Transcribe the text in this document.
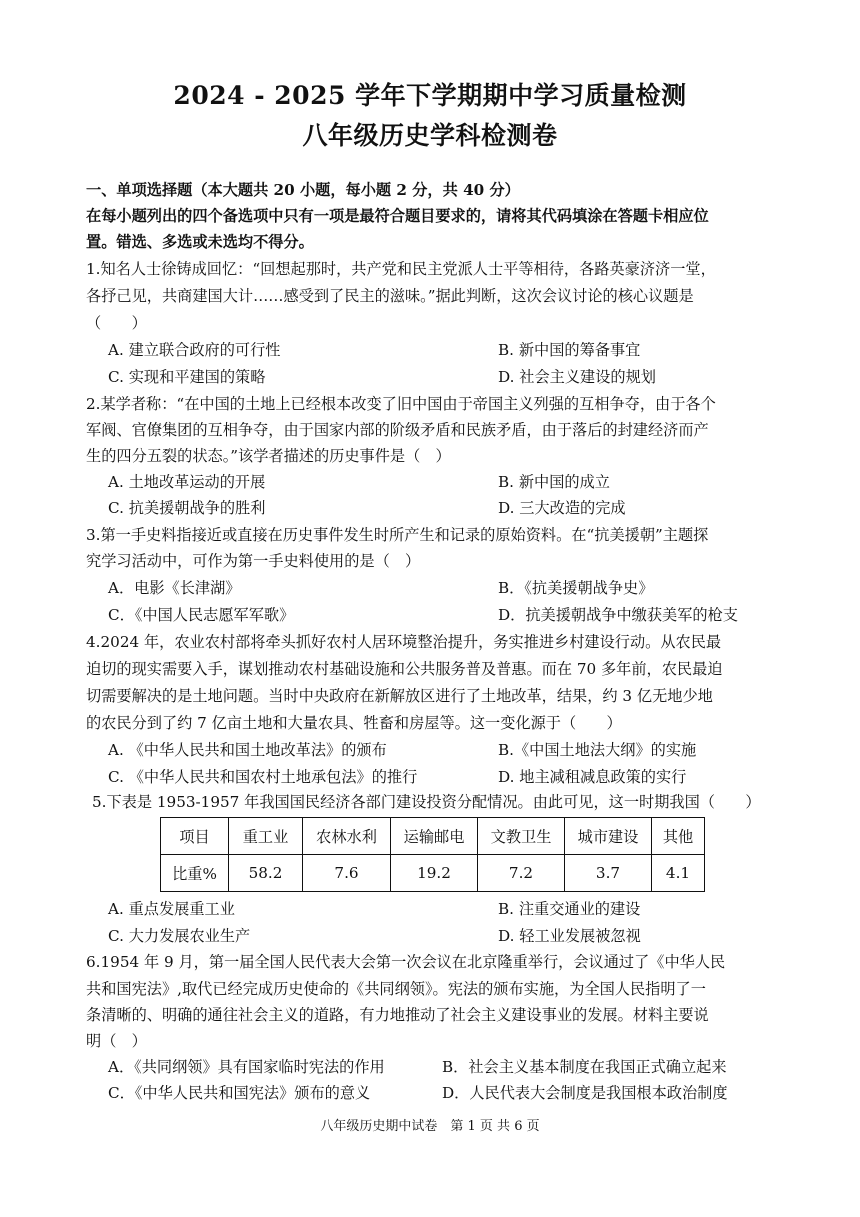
2024 - 2025 学年下学期期中学习质量检测
八年级历史学科检测卷
一、单项选择题（本大题共 20 小题，每小题 2 分，共 40 分）
在每小题列出的四个备选项中只有一项是最符合题目要求的，请将其代码填涂在答题卡相应位
置。错选、多选或未选均不得分。
1.知名人士徐铸成回忆：“回想起那时，共产党和民主党派人士平等相待，各路英豪济济一堂，
各抒己见，共商建国大计……感受到了民主的滋味。”据此判断，这次会议讨论的核心议题是
（　　）
A. 建立联合政府的可行性	B. 新中国的筹备事宜
C. 实现和平建国的策略	D. 社会主义建设的规划
2.某学者称：“在中国的土地上已经根本改变了旧中国由于帝国主义列强的互相争夺，由于各个
军阀、官僚集团的互相争夺，由于国家内部的阶级矛盾和民族矛盾，由于落后的封建经济而产
生的四分五裂的状态。”该学者描述的历史事件是（　）
A. 土地改革运动的开展	B. 新中国的成立
C. 抗美援朝战争的胜利	D. 三大改造的完成
3.第一手史料指接近或直接在历史事件发生时所产生和记录的原始资料。在“抗美援朝”主题探
究学习活动中，可作为第一手史料使用的是（　）
A．电影《长津湖》	B．《抗美援朝战争史》
C．《中国人民志愿军军歌》	D．抗美援朝战争中缴获美军的枪支
4.2024 年，农业农村部将牵头抓好农村人居环境整治提升，务实推进乡村建设行动。从农民最
迫切的现实需要入手，谋划推动农村基础设施和公共服务普及普惠。而在 70 多年前，农民最迫
切需要解决的是土地问题。当时中央政府在新解放区进行了土地改革，结果，约 3 亿无地少地
的农民分到了约 7 亿亩土地和大量农具、牲畜和房屋等。这一变化源于（　　）
A. 《中华人民共和国土地改革法》的颁布	B.《中国土地法大纲》的实施
C. 《中华人民共和国农村土地承包法》的推行	D. 地主减租减息政策的实行
5.下表是 1953-1957 年我国国民经济各部门建设投资分配情况。由此可见，这一时期我国（　　）
项目	重工业	农林水利	运输邮电	文教卫生	城市建设	其他
比重%	58.2	7.6	19.2	7.2	3.7	4.1
A. 重点发展重工业	B. 注重交通业的建设
C. 大力发展农业生产	D. 轻工业发展被忽视
6.1954 年 9 月，第一届全国人民代表大会第一次会议在北京隆重举行，会议通过了《中华人民
共和国宪法》,取代已经完成历史使命的《共同纲领》。宪法的颁布实施，为全国人民指明了一
条清晰的、明确的通往社会主义的道路，有力地推动了社会主义建设事业的发展。材料主要说
明（　）
A．《共同纲领》具有国家临时宪法的作用	B．社会主义基本制度在我国正式确立起来
C．《中华人民共和国宪法》颁布的意义	D．人民代表大会制度是我国根本政治制度
八年级历史期中试卷　第 1 页 共 6 页
